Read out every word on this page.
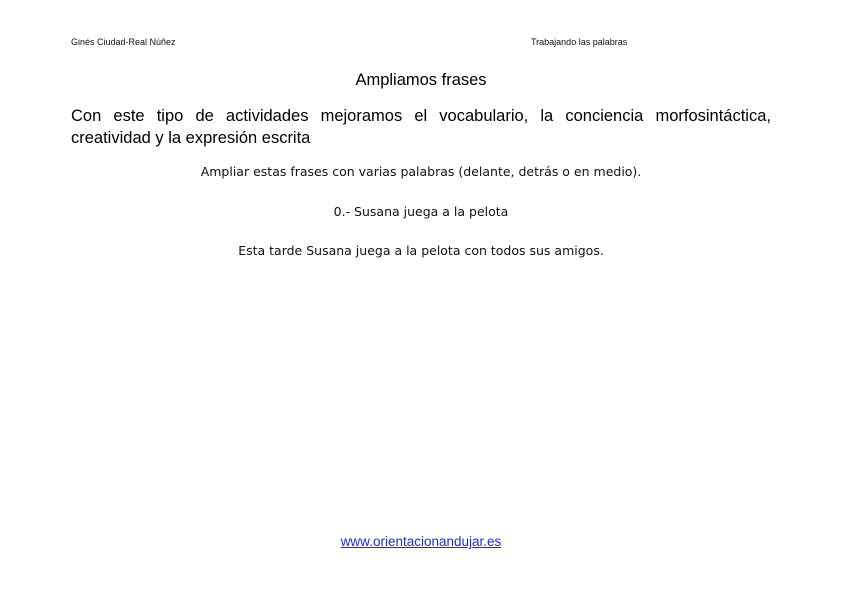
Ginés Ciudad-Real Núñez	Trabajando las palabras
Ampliamos frases
Con este tipo de actividades mejoramos el vocabulario, la conciencia morfosintáctica, creatividad y la expresión escrita
Ampliar estas frases con varias palabras (delante, detrás o en medio).
0.- Susana juega a la pelota
Esta tarde Susana juega a la pelota con todos sus amigos.
www.orientacionandujar.es
